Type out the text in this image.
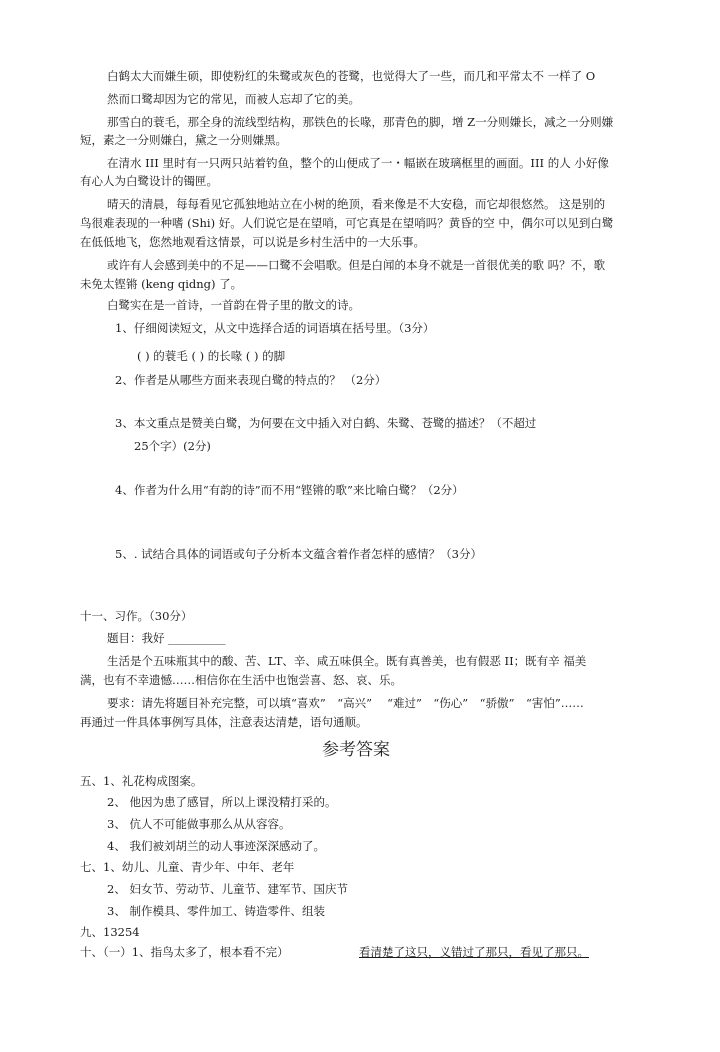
白鹤太大而嫌生硕，即使粉红的朱鹭或灰色的苍鹭，也觉得大了一些，而几和平常太不 一样了 O
然而口鹭却因为它的常见，而被人忘却了它的美。
那雪白的蓑毛，那全身的流线型结构，那铁色的长喙，那青色的脚，增 Z一分则嫌长，减之一分则嫌
短，素之一分则嫌白，黛之一分则嫌黑。
在清水 III 里时有一只两只站着钓鱼，整个的山便成了一・幅嵌在玻璃框里的画面。III 的人 小好像
有心人为白鹭设计的镯匣。
晴天的清晨，每每看见它孤独地站立在小树的绝顶，看来像是不大安稳，而它却很悠然。 这是别的
鸟很难表现的一种嗜 (Shi) 好。人们说它是在望哨，可它真是在望哨吗？黄昏的空 中，偶尔可以见到白鹭
在低低地飞，您然地观看这情景，可以说是乡村生活中的一大乐事。
或许有人会感到美中的不足——口鹭不会唱歌。但是白闻的本身不就是一首很优美的歌 吗？不，歌
未免太铿锵 (keng qidng) 了。
白鹭实在是一首诗，一首韵在骨子里的散文的诗。
1、仔细阅读短文，从文中选择合适的词语填在括号里。（3分）
( ) 的蓑毛 ( ) 的长喙 ( ) 的脚
2、作者是从哪些方面来表现白鹭的特点的？ （2分）
3、本文重点是赞美白鹭，为何要在文中插入对白鹤、朱鹭、苍鹭的描述？（不超过
25个字）(2分)
4、作者为什么用“有韵的诗”而不用“铿锵的歌”来比喻白鹭？（2分）
5、. 试结合具体的词语或句子分析本文蕴含着作者怎样的感情？（3分）
十一、习作。（30分）
题目：我好 __________
生活是个五味瓶其中的酸、苦、LT、辛、咸五味俱全。既有真善美，也有假恶 II；既有辛 福美
满，也有不幸遗憾……相信你在生活中也饱尝喜、怒、哀、乐。
要求：请先将题目补充完整，可以填“喜欢”　“高兴”　 “难过”　“伤心”　“骄傲”　“害怕”……
再通过一件具体事例写具体，注意表达清楚，语句通顺。
参考答案
五、1、礼花构成图案。
2、 他因为患了感冒，所以上课没精打采的。
3、 伉人不可能做事那么从从容容。
4、 我们被刘胡兰的动人事迹深深感动了。
七、1、幼儿、儿童、青少年、中年、老年
2、 妇女节、劳动节、儿童节、建军节、国庆节
3、 制作模具、零件加工、铸造零件、组装
九、13254
十、（一）1、指鸟太多了，根本看不完）	看清楚了这只，义错过了那只，看见了那只。
